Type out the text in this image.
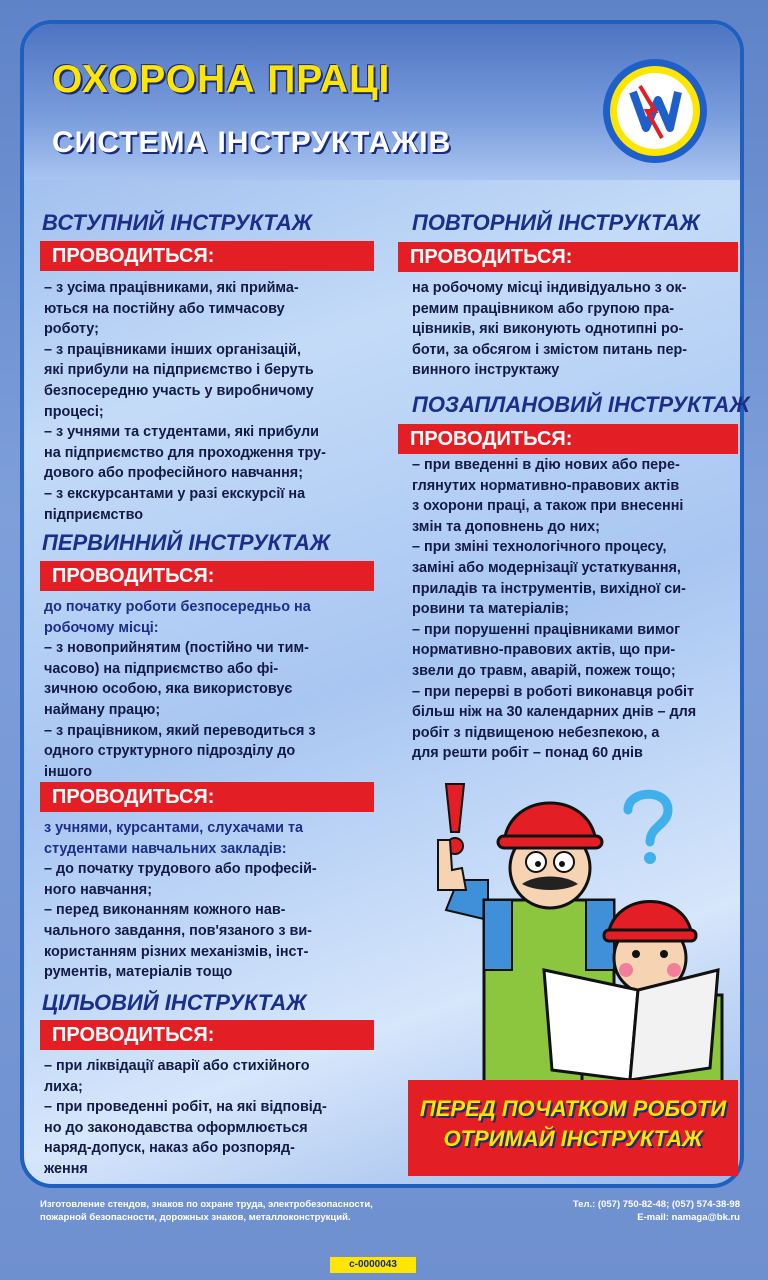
ОХОРОНА ПРАЦІ
СИСТЕМА ІНСТРУКТАЖІВ
ВСТУПНИЙ ІНСТРУКТАЖ
ПРОВОДИТЬСЯ:

– з усіма працівниками, які прийма-

ються на постійну або тимчасову

роботу;

– з працівниками інших організацій,

які прибули на підприємство і беруть

безпосередню участь у виробничому

процесі;

– з учнями та студентами, які прибули

на підприємство для проходження тру-

дового або професійного навчання;

– з екскурсантами у разі екскурсії на

підприємство

ПЕРВИННИЙ ІНСТРУКТАЖ
ПРОВОДИТЬСЯ:

до початку роботи безпосередньо на

робочому місці:

– з новоприйнятим (постійно чи тим-

часово) на підприємство або фі-

зичною особою, яка використовує

найману працю;

– з працівником, який переводиться з

одного структурного підрозділу до

іншого

ПРОВОДИТЬСЯ:

з учнями, курсантами, слухачами та

студентами навчальних закладів:

– до початку трудового або професій-

ного навчання;

– перед виконанням кожного нав-

чального завдання, пов'язаного з ви-

користанням різних механізмів, інст-

рументів, матеріалів тощо

ЦІЛЬОВИЙ ІНСТРУКТАЖ
ПРОВОДИТЬСЯ:

– при ліквідації аварії або стихійного

лиха;

– при проведенні робіт, на які відповід-

но до законодавства оформлюється

наряд-допуск, наказ або розпоряд-

ження

ПОВТОРНИЙ ІНСТРУКТАЖ
ПРОВОДИТЬСЯ:

на робочому місці індивідуально з ок-

ремим працівником або групою пра-

цівників, які виконують однотипні ро-

боти, за обсягом і змістом питань пер-

винного інструктажу

ПОЗАПЛАНОВИЙ ІНСТРУКТАЖ
ПРОВОДИТЬСЯ:

– при введенні в дію нових або пере-

глянутих нормативно-правових актів

з охорони праці, а також при внесенні

змін та доповнень до них;

– при зміні технологічного процесу,

заміні або модернізації устаткування,

приладів та інструментів, вихідної си-

ровини та матеріалів;

– при порушенні працівниками вимог

нормативно-правових актів, що при-

звели до травм, аварій, пожеж тощо;

– при перерві в роботі виконавця робіт

більш ніж на 30 календарних днів – для

робіт з підвищеною небезпекою, а

для решти робіт – понад 60 днів

ПЕРЕД ПОЧАТКОМ РОБОТИ
ОТРИМАЙ ІНСТРУКТАЖ
Изготовление стендов, знаков по охране труда, электробезопасности,
пожарной безопасности, дорожных знаков, металлоконструкций.
Тел.: (057) 750-82-48; (057) 574-38-98
E-mail: namaga@bk.ru
с-0000043
